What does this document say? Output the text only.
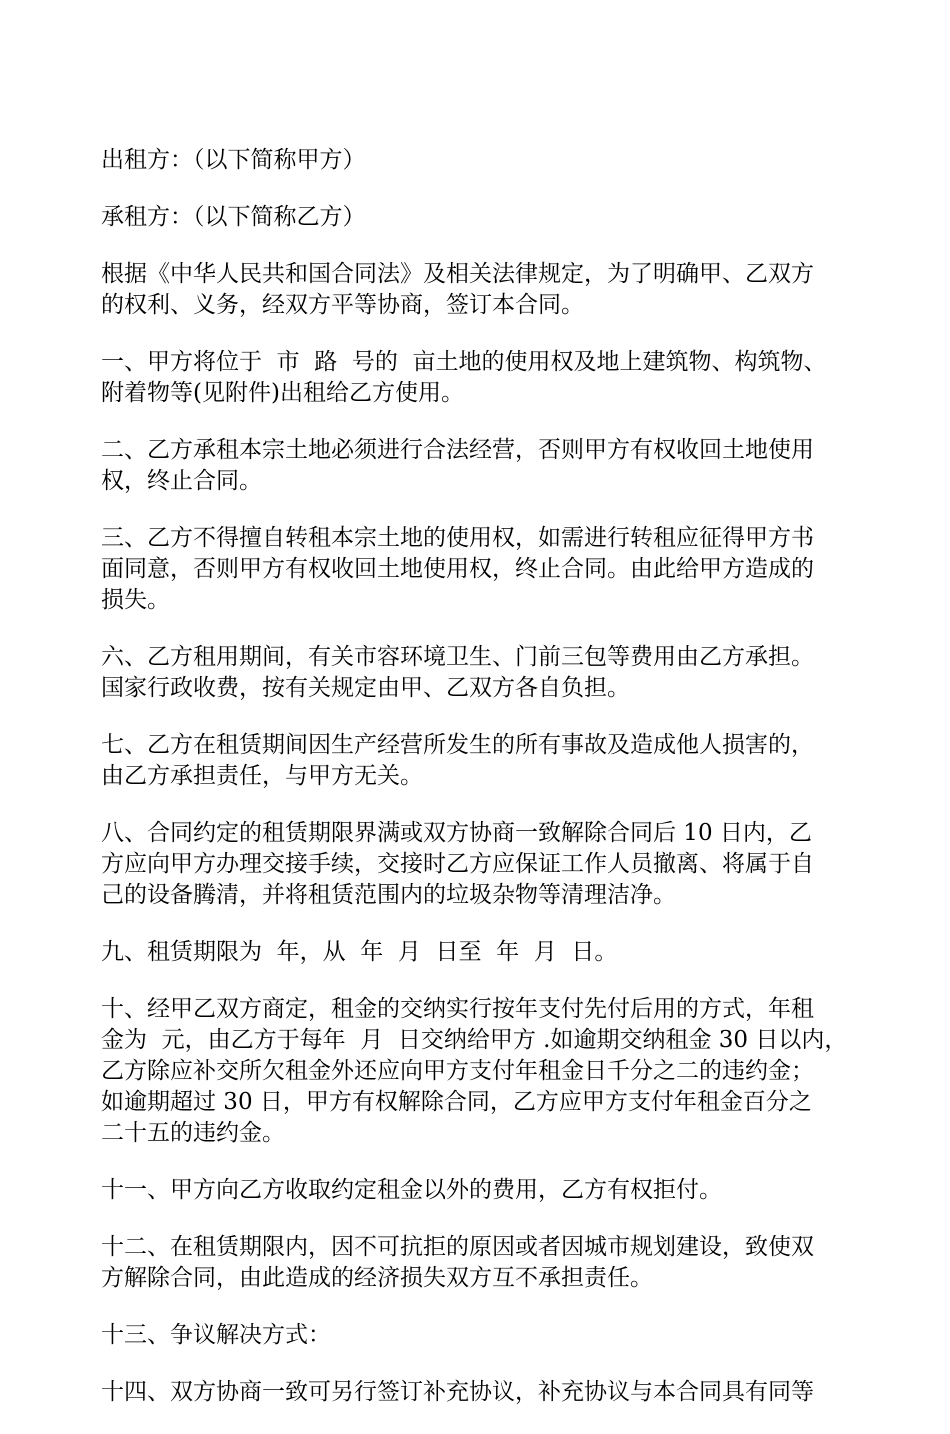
出租方：（以下简称甲方）

承租方：（以下简称乙方）

根据《中华人民共和国合同法》及相关法律规定，为了明确甲、乙双方
的权利、义务，经双方平等协商，签订本合同。

一、甲方将位于  市  路  号的  亩土地的使用权及地上建筑物、构筑物、
附着物等(见附件)出租给乙方使用。

二、乙方承租本宗土地必须进行合法经营，否则甲方有权收回土地使用
权，终止合同。

三、乙方不得擅自转租本宗土地的使用权，如需进行转租应征得甲方书
面同意，否则甲方有权收回土地使用权，终止合同。由此给甲方造成的
损失。

六、乙方租用期间，有关市容环境卫生、门前三包等费用由乙方承担。
国家行政收费，按有关规定由甲、乙双方各自负担。

七、乙方在租赁期间因生产经营所发生的所有事故及造成他人损害的，
由乙方承担责任，与甲方无关。

八、合同约定的租赁期限界满或双方协商一致解除合同后 10 日内，乙
方应向甲方办理交接手续，交接时乙方应保证工作人员撤离、将属于自
己的设备腾清，并将租赁范围内的垃圾杂物等清理洁净。

九、租赁期限为  年，从  年  月  日至  年  月  日。

十、经甲乙双方商定，租金的交纳实行按年支付先付后用的方式，年租
金为  元，由乙方于每年  月  日交纳给甲方 .如逾期交纳租金 30 日以内，
乙方除应补交所欠租金外还应向甲方支付年租金日千分之二的违约金；
如逾期超过 30 日，甲方有权解除合同，乙方应甲方支付年租金百分之
二十五的违约金。

十一、甲方向乙方收取约定租金以外的费用，乙方有权拒付。

十二、在租赁期限内，因不可抗拒的原因或者因城市规划建设，致使双
方解除合同，由此造成的经济损失双方互不承担责任。

十三、争议解决方式：

十四、双方协商一致可另行签订补充协议，补充协议与本合同具有同等
